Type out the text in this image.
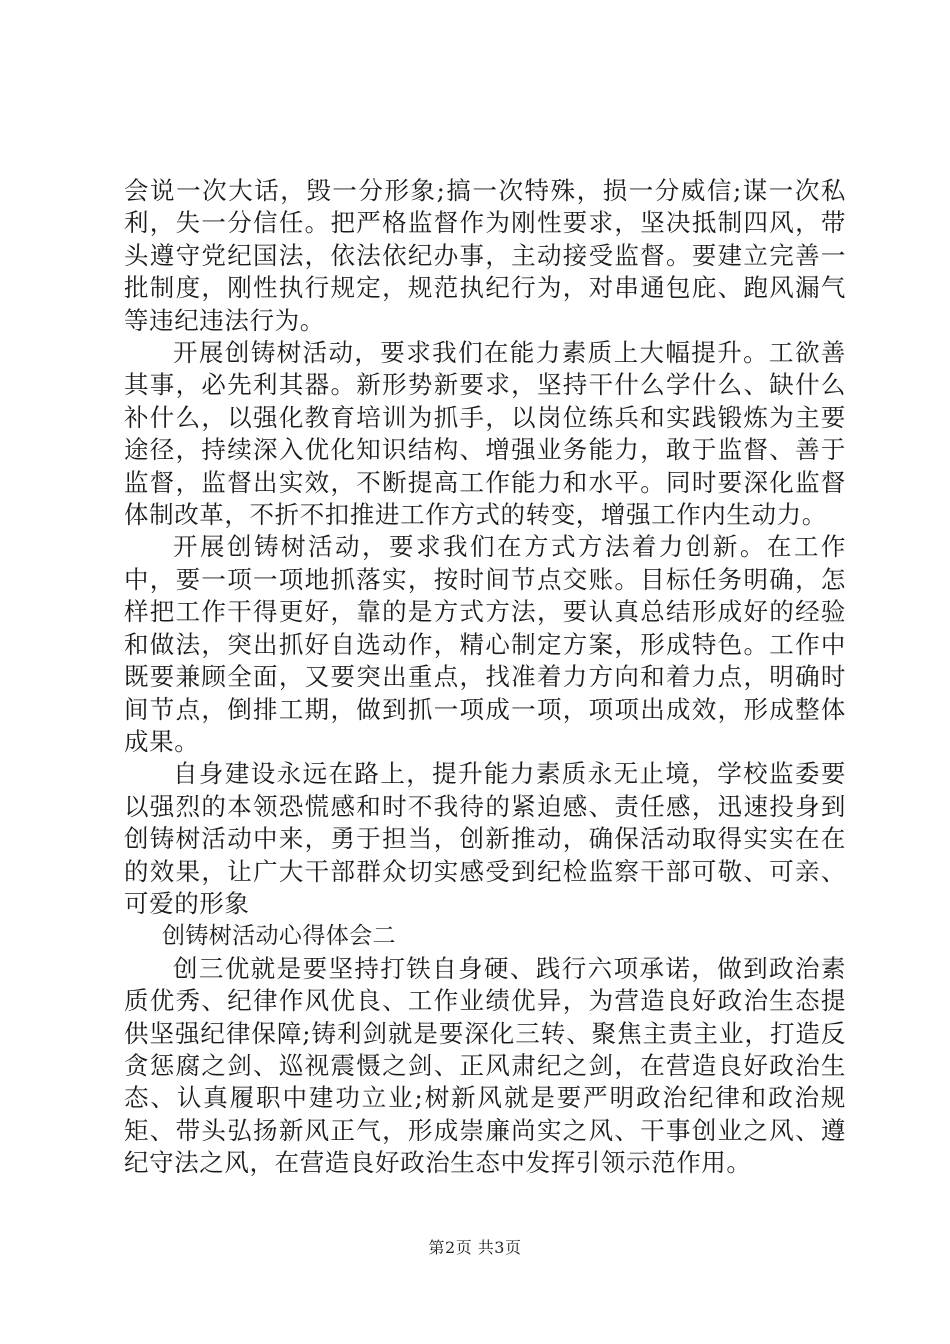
会说一次大话，毁一分形象;搞一次特殊，损一分威信;谋一次私利，失一分信任。把严格监督作为刚性要求，坚决抵制四风，带头遵守党纪国法，依法依纪办事，主动接受监督。要建立完善一批制度，刚性执行规定，规范执纪行为，对串通包庇、跑风漏气等违纪违法行为。

开展创铸树活动，要求我们在能力素质上大幅提升。工欲善其事，必先利其器。新形势新要求，坚持干什么学什么、缺什么补什么，以强化教育培训为抓手，以岗位练兵和实践锻炼为主要途径，持续深入优化知识结构、增强业务能力，敢于监督、善于监督，监督出实效，不断提高工作能力和水平。同时要深化监督体制改革，不折不扣推进工作方式的转变，增强工作内生动力。

开展创铸树活动，要求我们在方式方法着力创新。在工作中，要一项一项地抓落实，按时间节点交账。目标任务明确，怎样把工作干得更好，靠的是方式方法，要认真总结形成好的经验和做法，突出抓好自选动作，精心制定方案，形成特色。工作中既要兼顾全面，又要突出重点，找准着力方向和着力点，明确时间节点，倒排工期，做到抓一项成一项，项项出成效，形成整体成果。

自身建设永远在路上，提升能力素质永无止境，学校监委要以强烈的本领恐慌感和时不我待的紧迫感、责任感，迅速投身到创铸树活动中来，勇于担当，创新推动，确保活动取得实实在在的效果，让广大干部群众切实感受到纪检监察干部可敬、可亲、可爱的形象

创铸树活动心得体会二

创三优就是要坚持打铁自身硬、践行六项承诺，做到政治素质优秀、纪律作风优良、工作业绩优异，为营造良好政治生态提供坚强纪律保障;铸利剑就是要深化三转、聚焦主责主业，打造反贪惩腐之剑、巡视震慑之剑、正风肃纪之剑，在营造良好政治生态、认真履职中建功立业;树新风就是要严明政治纪律和政治规矩、带头弘扬新风正气，形成崇廉尚实之风、干事创业之风、遵纪守法之风，在营造良好政治生态中发挥引领示范作用。

第2页 共3页
